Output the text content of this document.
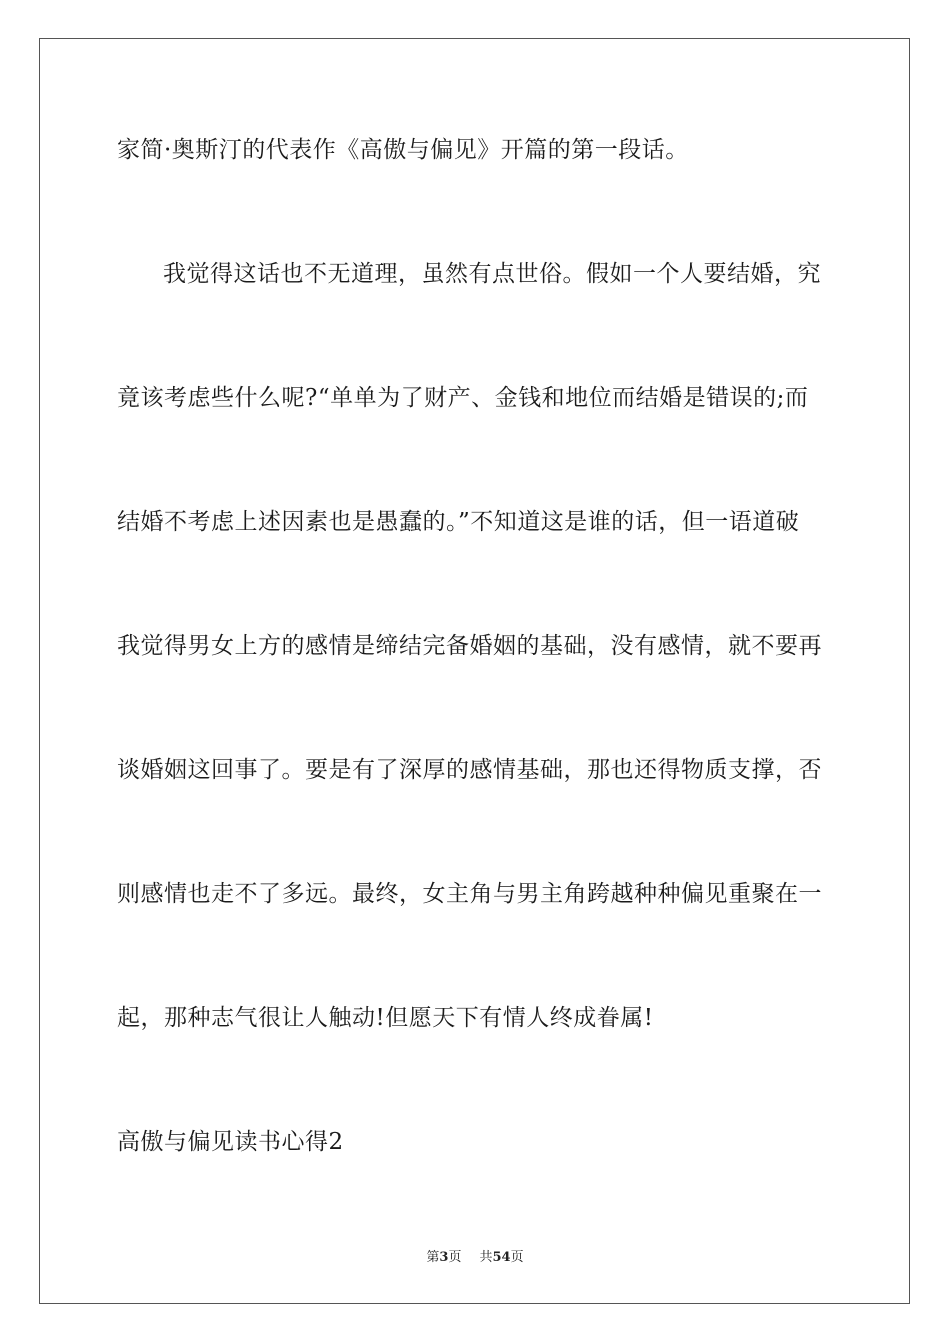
家简·奥斯汀的代表作《高傲与偏见》开篇的第一段话。
我觉得这话也不无道理，虽然有点世俗。假如一个人要结婚，究
竟该考虑些什么呢?“单单为了财产、金钱和地位而结婚是错误的;而
结婚不考虑上述因素也是愚蠢的。”不知道这是谁的话，但一语道破
我觉得男女上方的感情是缔结完备婚姻的基础，没有感情，就不要再
谈婚姻这回事了。要是有了深厚的感情基础，那也还得物质支撑，否
则感情也走不了多远。最终，女主角与男主角跨越种种偏见重聚在一
起，那种志气很让人触动!但愿天下有情人终成眷属!
高傲与偏见读书心得2
第3页 共54页
